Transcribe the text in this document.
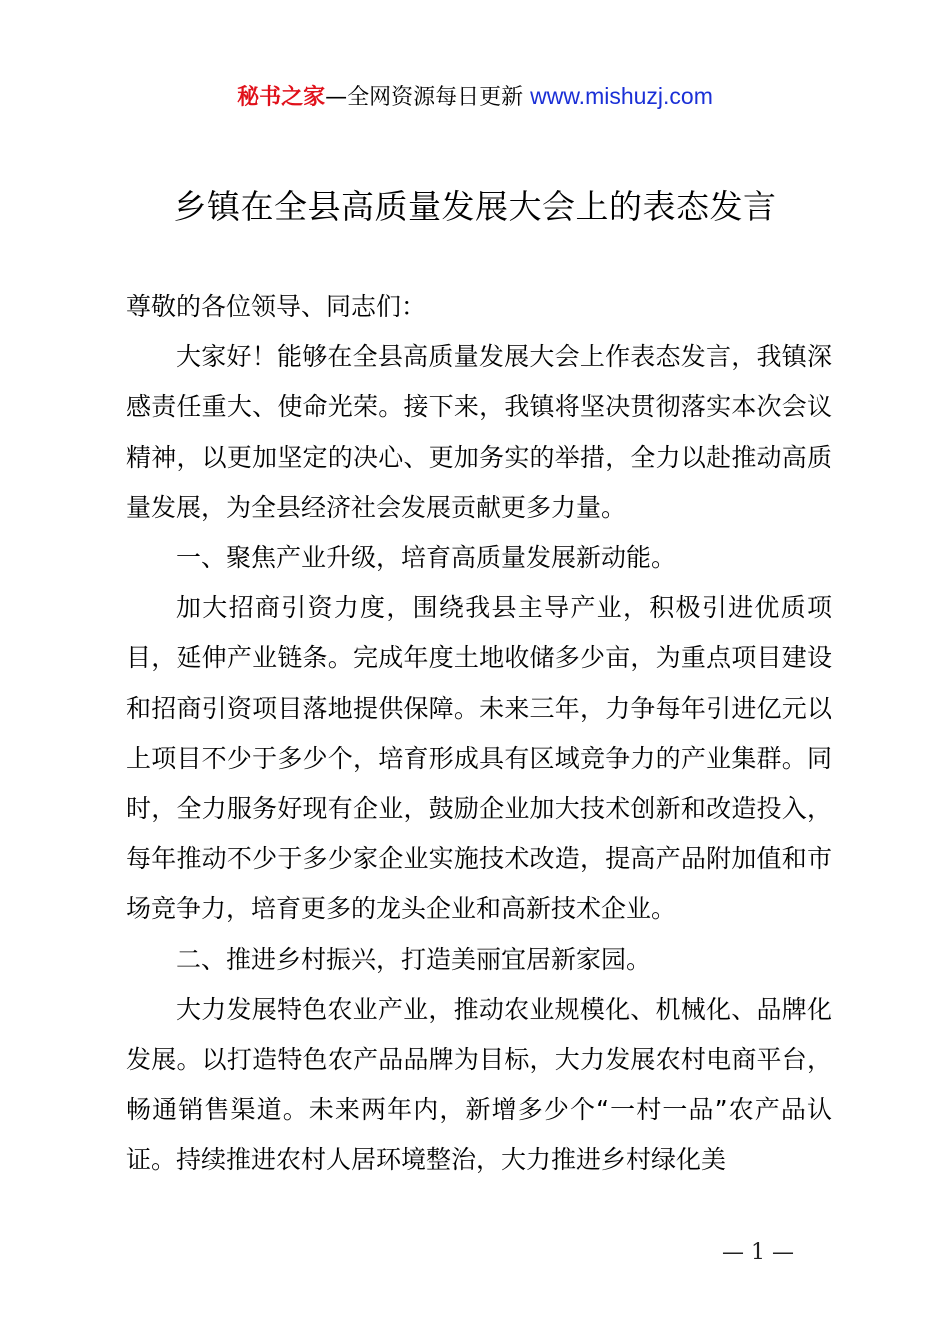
秘书之家—全网资源每日更新 www.mishuzj.com
乡镇在全县高质量发展大会上的表态发言

尊敬的各位领导、同志们：

大家好！能够在全县高质量发展大会上作表态发言，我镇深感责任重大、使命光荣。接下来，我镇将坚决贯彻落实本次会议精神，以更加坚定的决心、更加务实的举措，全力以赴推动高质量发展，为全县经济社会发展贡献更多力量。

一、聚焦产业升级，培育高质量发展新动能。

加大招商引资力度，围绕我县主导产业，积极引进优质项目，延伸产业链条。完成年度土地收储多少亩，为重点项目建设和招商引资项目落地提供保障。未来三年，力争每年引进亿元以上项目不少于多少个，培育形成具有区域竞争力的产业集群。同时，全力服务好现有企业，鼓励企业加大技术创新和改造投入，每年推动不少于多少家企业实施技术改造，提高产品附加值和市场竞争力，培育更多的龙头企业和高新技术企业。

二、推进乡村振兴，打造美丽宜居新家园。

大力发展特色农业产业，推动农业规模化、机械化、品牌化发展。以打造特色农产品品牌为目标，大力发展农村电商平台，畅通销售渠道。未来两年内，新增多少个“一村一品”农产品认证。持续推进农村人居环境整治，大力推进乡村绿化美

— 1 —
